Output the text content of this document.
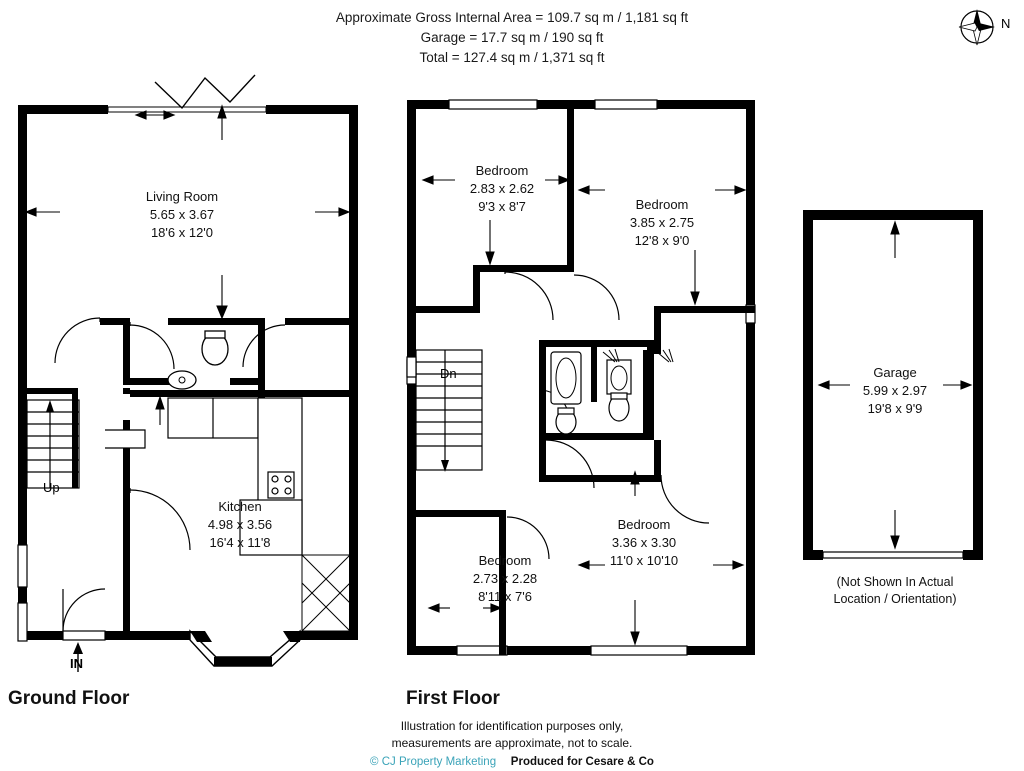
Approximate Gross Internal Area = 109.7 sq m / 1,181 sq ft
Garage = 17.7 sq m / 190 sq ft
Total = 127.4 sq m / 1,371 sq ft
N
Living Room
5.65 x 3.67
18'6 x 12'0
Kitchen
4.98 x 3.56
16'4 x 11'8
Up
IN
Ground Floor
Bedroom
2.83 x 2.62
9'3 x 8'7	Bedroom
3.85 x 2.75
12'8 x 9'0
Bedroom
3.36 x 3.30
11'0 x 10'10
Bedroom
2.73 x 2.28
8'11 x 7'6
Dn
First Floor
Garage
5.99 x 2.97
19'8 x 9'9
(Not Shown In Actual
Location / Orientation)
Illustration for identification purposes only,
measurements are approximate, not to scale.
© CJ Property Marketing Produced for Cesare & Co
